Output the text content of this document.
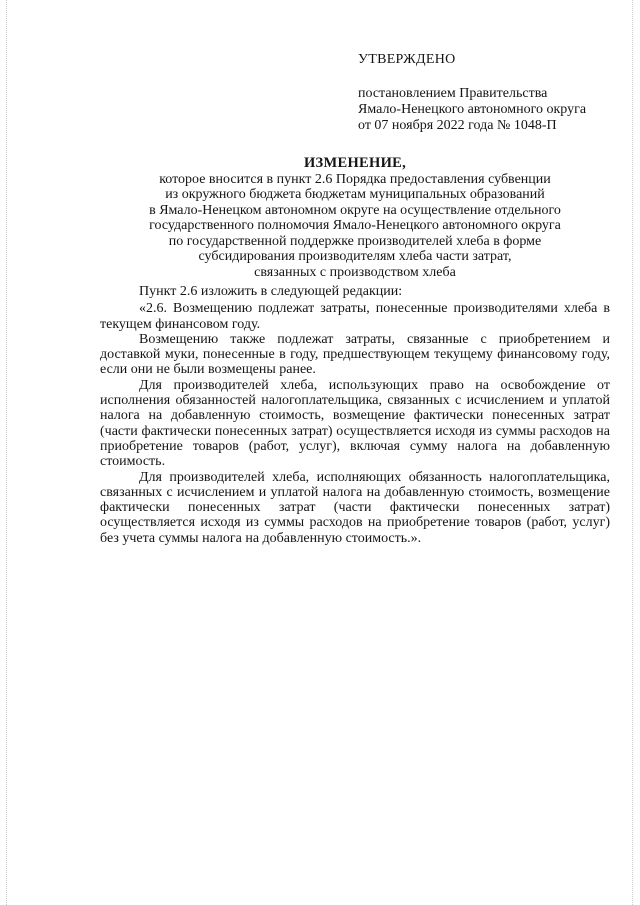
УТВЕРЖДЕНО
постановлением Правительства
Ямало-Ненецкого автономного округа
от 07 ноября 2022 года № 1048-П
ИЗМЕНЕНИЕ,
которое вносится в пункт 2.6 Порядка предоставления субвенции
из окружного бюджета бюджетам муниципальных образований
в Ямало-Ненецком автономном округе на осуществление отдельного
государственного полномочия Ямало-Ненецкого автономного округа
по государственной поддержке производителей хлеба в форме
субсидирования производителям хлеба части затрат,
связанных с производством хлеба

Пункт 2.6 изложить в следующей редакции:

«2.6. Возмещению подлежат затраты, понесенные производителями хлеба в текущем финансовом году.

Возмещению также подлежат затраты, связанные с приобретением и доставкой муки, понесенные в году, предшествующем текущему финансовому году, если они не были возмещены ранее.

Для производителей хлеба, использующих право на освобождение от исполнения обязанностей налогоплательщика, связанных с исчислением и уплатой налога на добавленную стоимость, возмещение фактически понесенных затрат (части фактически понесенных затрат) осуществляется исходя из суммы расходов на приобретение товаров (работ, услуг), включая сумму налога на добавленную стоимость.

Для производителей хлеба, исполняющих обязанность налогоплательщика, связанных с исчислением и уплатой налога на добавленную стоимость, возмещение фактически понесенных затрат (части фактически понесенных затрат) осуществляется исходя из суммы расходов на приобретение товаров (работ, услуг) без учета суммы налога на добавленную стоимость.».
